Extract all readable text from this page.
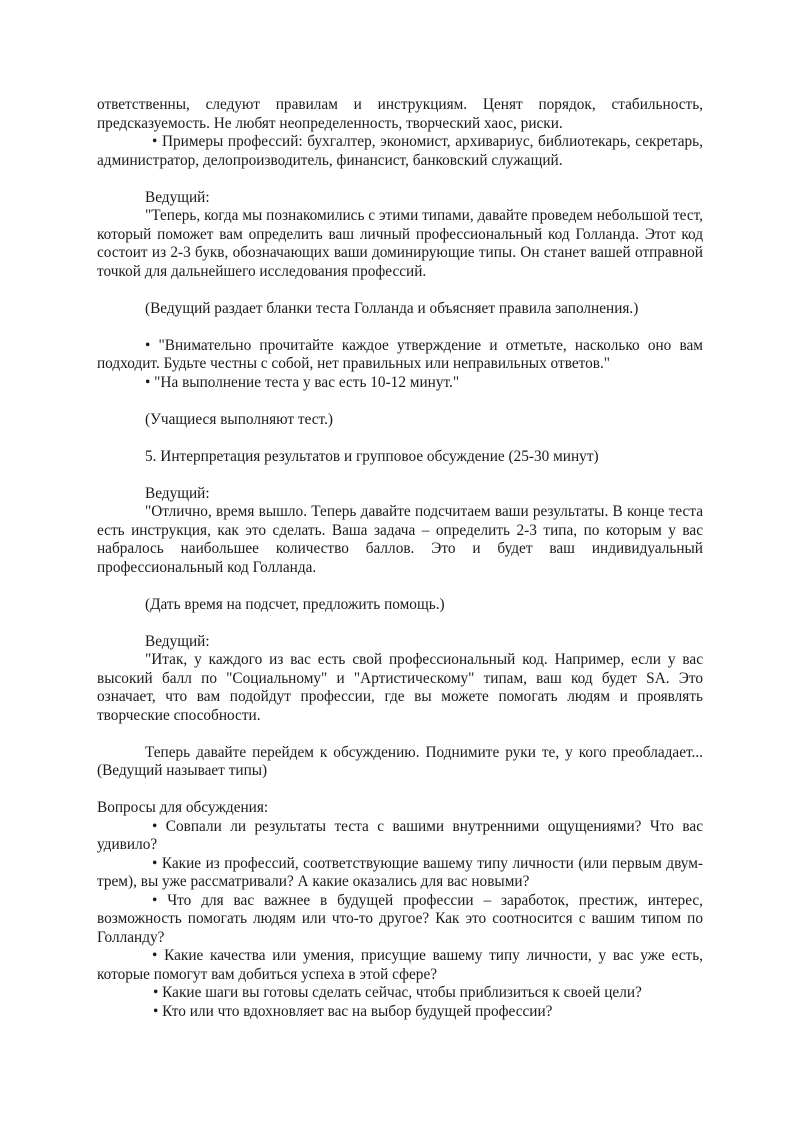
ответственны, следуют правилам и инструкциям. Ценят порядок, стабильность, предсказуемость. Не любят неопределенность, творческий хаос, риски.

• Примеры профессий: бухгалтер, экономист, архивариус, библиотекарь, секретарь, администратор, делопроизводитель, финансист, банковский служащий.

Ведущий:

"Теперь, когда мы познакомились с этими типами, давайте проведем небольшой тест, который поможет вам определить ваш личный профессиональный код Голланда. Этот код состоит из 2-3 букв, обозначающих ваши доминирующие типы. Он станет вашей отправной точкой для дальнейшего исследования профессий.

(Ведущий раздает бланки теста Голланда и объясняет правила заполнения.)

• "Внимательно прочитайте каждое утверждение и отметьте, насколько оно вам подходит. Будьте честны с собой, нет правильных или неправильных ответов."

• "На выполнение теста у вас есть 10-12 минут."

(Учащиеся выполняют тест.)

5. Интерпретация результатов и групповое обсуждение (25-30 минут)

Ведущий:

"Отлично, время вышло. Теперь давайте подсчитаем ваши результаты. В конце теста есть инструкция, как это сделать. Ваша задача – определить 2-3 типа, по которым у вас набралось наибольшее количество баллов. Это и будет ваш индивидуальный профессиональный код Голланда.

(Дать время на подсчет, предложить помощь.)

Ведущий:

"Итак, у каждого из вас есть свой профессиональный код. Например, если у вас высокий балл по "Социальному" и "Артистическому" типам, ваш код будет SA. Это означает, что вам подойдут профессии, где вы можете помогать людям и проявлять творческие способности.

Теперь давайте перейдем к обсуждению. Поднимите руки те, у кого преобладает... (Ведущий называет типы)

Вопросы для обсуждения:

• Совпали ли результаты теста с вашими внутренними ощущениями? Что вас удивило?

• Какие из профессий, соответствующие вашему типу личности (или первым двум-трем), вы уже рассматривали? А какие оказались для вас новыми?

• Что для вас важнее в будущей профессии – заработок, престиж, интерес, возможность помогать людям или что-то другое? Как это соотносится с вашим типом по Голланду?

• Какие качества или умения, присущие вашему типу личности, у вас уже есть, которые помогут вам добиться успеха в этой сфере?

• Какие шаги вы готовы сделать сейчас, чтобы приблизиться к своей цели?

• Кто или что вдохновляет вас на выбор будущей профессии?
